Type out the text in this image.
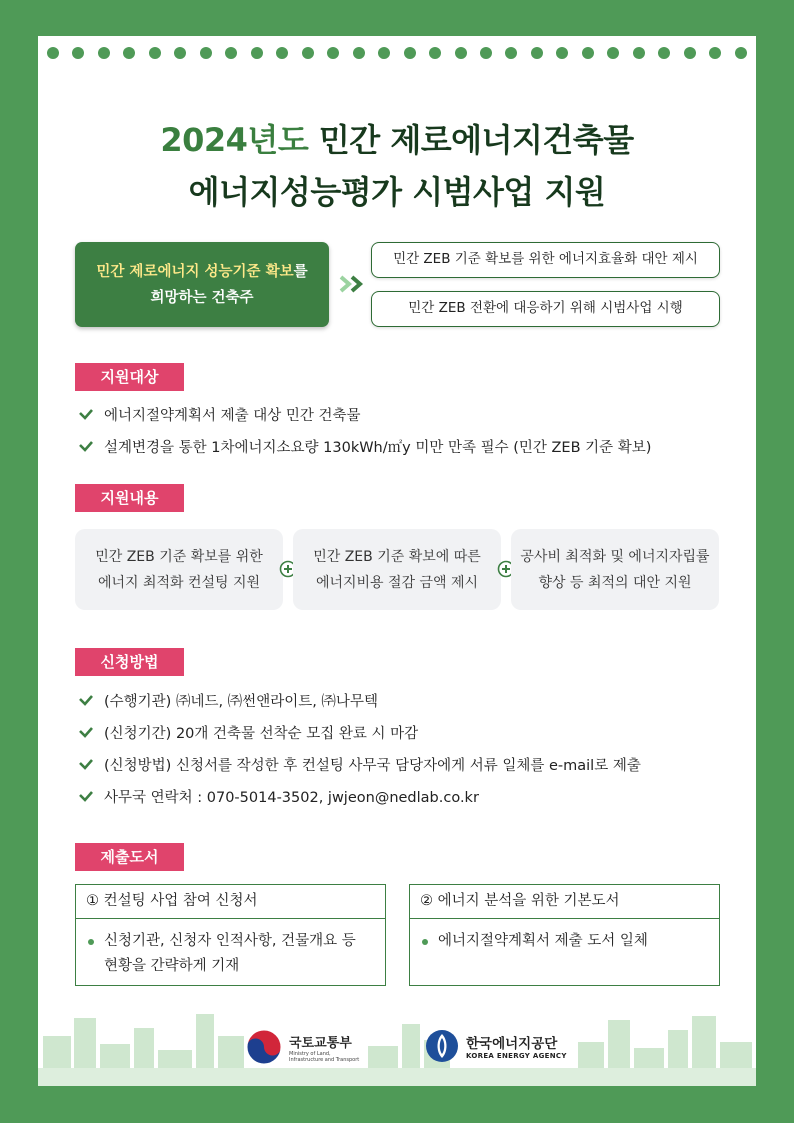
2024년도 민간 제로에너지건축물
에너지성능평가 시범사업 지원
민간 제로에너지 성능기준 확보를
희망하는 건축주
민간 ZEB 기준 확보를 위한 에너지효율화 대안 제시
민간 ZEB 전환에 대응하기 위해 시범사업 시행
지원대상
에너지절약계획서 제출 대상 민간 건축물
설계변경을 통한 1차에너지소요량 130kWh/㎡y 미만 만족 필수 (민간 ZEB 기준 확보)
지원내용
민간 ZEB 기준 확보를 위한
에너지 최적화 컨설팅 지원
민간 ZEB 기준 확보에 따른
에너지비용 절감 금액 제시
공사비 최적화 및 에너지자립률
향상 등 최적의 대안 지원
신청방법
(수행기관) ㈜네드, ㈜썬앤라이트, ㈜나무텍
(신청기간) 20개 건축물 선착순 모집 완료 시 마감
(신청방법) 신청서를 작성한 후 컨설팅 사무국 담당자에게 서류 일체를 e-mail로 제출
사무국 연락처 : 070-5014-3502, jwjeon@nedlab.co.kr
제출도서
① 컨설팅 사업 참여 신청서
신청기관, 신청자 인적사항, 건물개요 등
현황을 간략하게 기재
② 에너지 분석을 위한 기본도서
에너지절약계획서 제출 도서 일체
국토교통부
Ministry of Land,
Infrastructure and Transport
한국에너지공단
KOREA ENERGY AGENCY
